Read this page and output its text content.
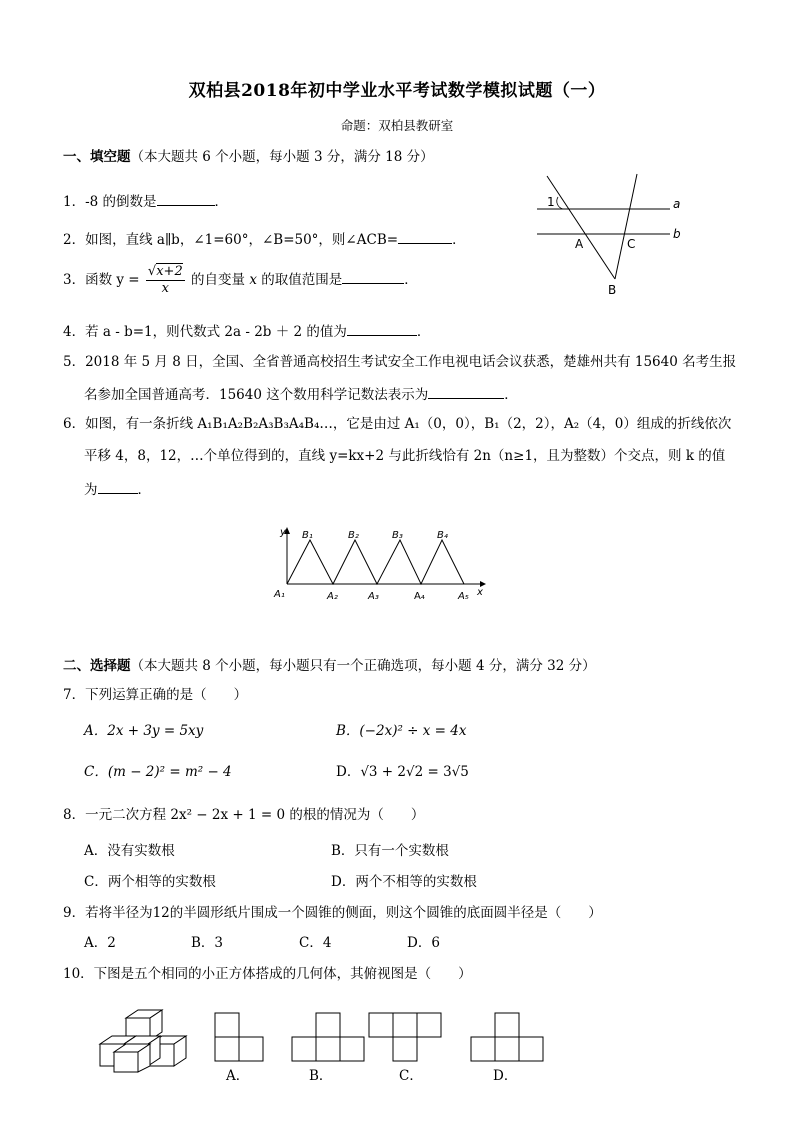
双柏县2018年初中学业水平考试数学模拟试题（一）
命题：双柏县教研室
一、填空题（本大题共 6 个小题，每小题 3 分，满分 18 分）
1．-8 的倒数是	．
2．如图，直线 a∥b，∠1=60°，∠B=50°，则∠ACB=	．
3．函数 $y = \frac{√x+2}{x}$ 的自变量 x 的取值范围是	．
4．若 a - b=1，则代数式 2a - 2b ＋ 2 的值为	．
5．2018 年 5 月 8 日，全国、全省普通高校招生考试安全工作电视电话会议获悉，楚雄州共有 15640 名考生报
名参加全国普通高考．15640 这个数用科学记数法表示为	．
6．如图，有一条折线 A₁B₁A₂B₂A₃B₃A₄B₄…，它是由过 A₁（0，0），B₁（2，2），A₂（4，0）组成的折线依次
平移 4，8，12，…个单位得到的，直线 y=kx+2 与此折线恰有 2n（n≥1，且为整数）个交点，则 k 的值
为	．
1	a
b
A	C
B
y
x
B₁	B₂	B₃	B₄
A₁	A₂	A₃	A₄	A₅
二、选择题（本大题共 8 个小题，每小题只有一个正确选项，每小题 4 分，满分 32 分）
7．下列运算正确的是（　　）
A．2x + 3y = 5xy	B．(−2x)² ÷ x = 4x
C．(m − 2)² = m² − 4	D．√3 + 2√2 = 3√5
8．一元二次方程 2x² − 2x + 1 = 0 的根的情况为（　　）
A．没有实数根	B．只有一个实数根
C．两个相等的实数根	D．两个不相等的实数根
9．若将半径为12的半圆形纸片围成一个圆锥的侧面，则这个圆锥的底面圆半径是（　　）
A．2	B．3	C．4	D．6
10．下图是五个相同的小正方体搭成的几何体，其俯视图是（　　）
A．	B．	C．	D．
